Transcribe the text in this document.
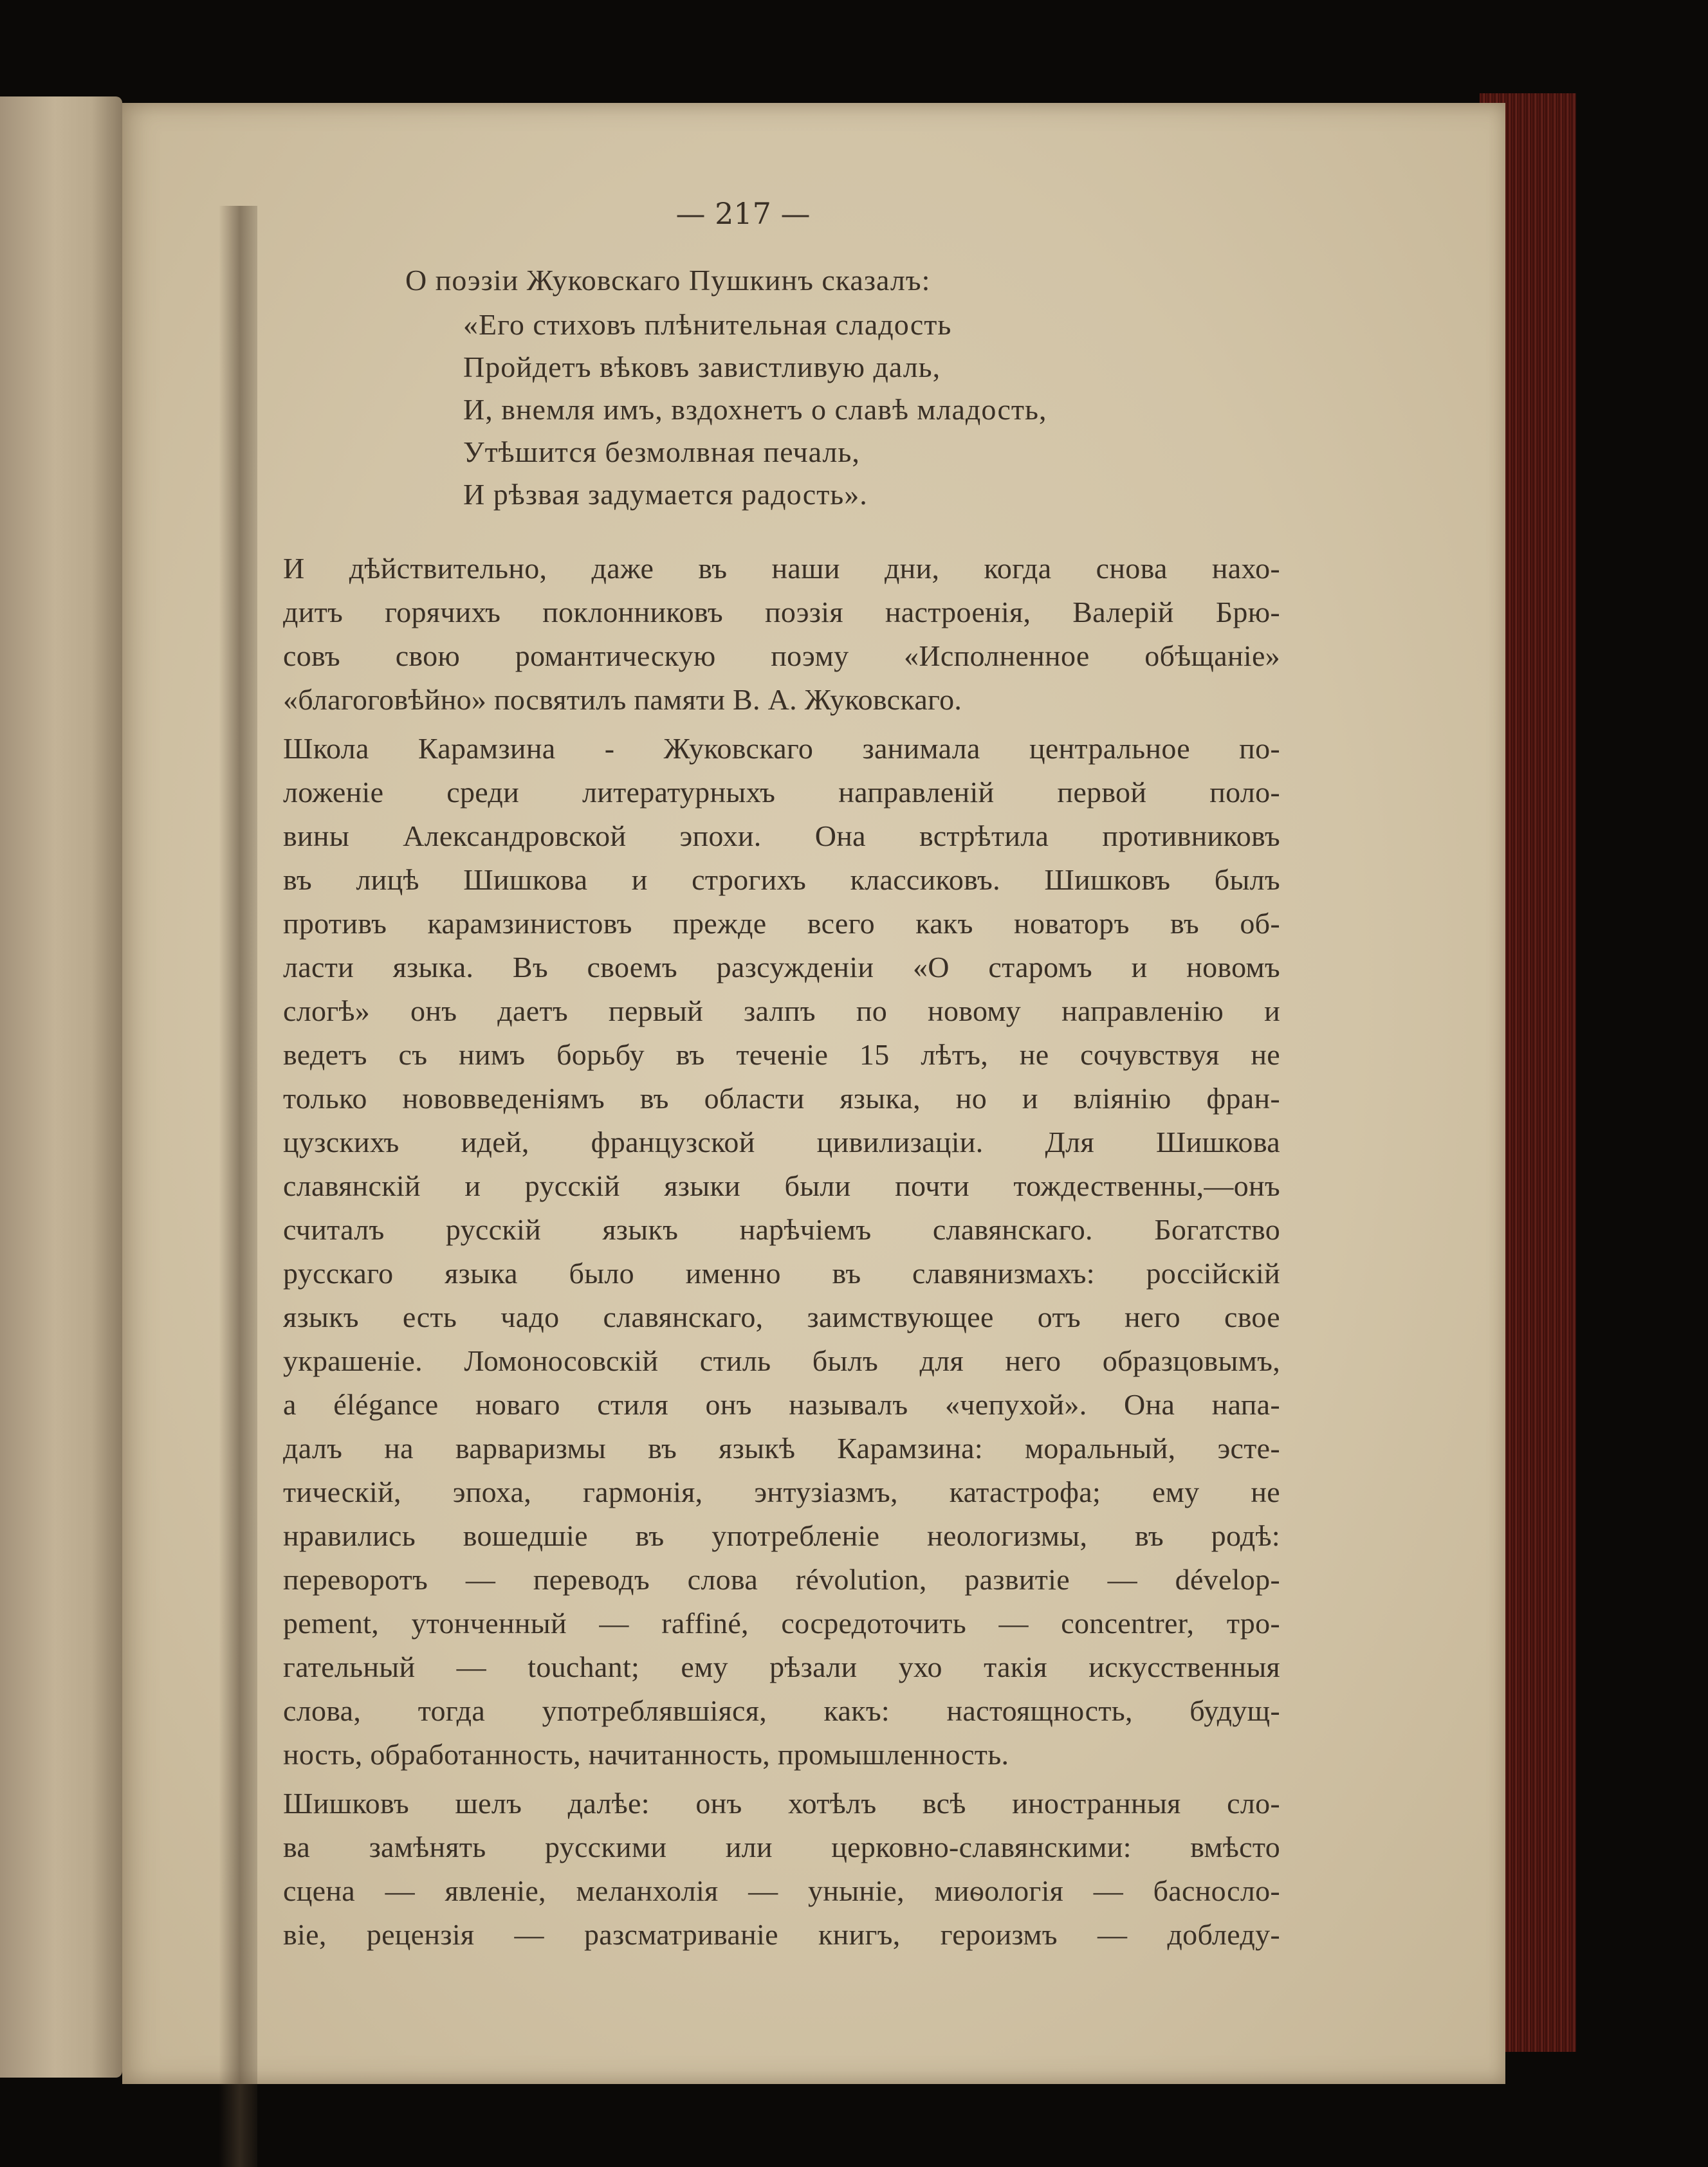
— 217 —

О поэзіи Жуковскаго Пушкинъ сказалъ:

«Его стиховъ плѣнительная сладость
Пройдетъ вѣковъ завистливую даль,
И, внемля имъ, вздохнетъ о славѣ младость,
Утѣшится безмолвная печаль,
И рѣзвая задумается радость».
И дѣйствительно, даже въ наши дни, когда снова нахо-
дитъ горячихъ поклонниковъ поэзія настроенія, Валерій Брю-
совъ свою романтическую поэму «Исполненное обѣщаніе»
«благоговѣйно» посвятилъ памяти В. А. Жуковскаго.
Школа Карамзина - Жуковскаго занимала центральное по-
ложеніе среди литературныхъ направленій первой поло-
вины Александровской эпохи. Она встрѣтила противниковъ
въ лицѣ Шишкова и строгихъ классиковъ. Шишковъ былъ
противъ карамзинистовъ прежде всего какъ новаторъ въ об-
ласти языка. Въ своемъ разсужденіи «О старомъ и новомъ
слогѣ» онъ даетъ первый залпъ по новому направленію и
ведетъ съ нимъ борьбу въ теченіе 15 лѣтъ, не сочувствуя не
только нововведеніямъ въ области языка, но и вліянію фран-
цузскихъ идей, французской цивилизаціи. Для Шишкова
славянскій и русскій языки были почти тождественны,—онъ
считалъ русскій языкъ нарѣчіемъ славянскаго. Богатство
русскаго языка было именно въ славянизмахъ: россійскій
языкъ есть чадо славянскаго, заимствующее отъ него свое
украшеніе. Ломоносовскій стиль былъ для него образцовымъ,
а élégance новаго стиля онъ называлъ «чепухой». Она напа-
далъ на варваризмы въ языкѣ Карамзина: моральный, эсте-
тическій, эпоха, гармонія, энтузіазмъ, катастрофа; ему не
нравились вошедшіе въ употребленіе неологизмы, въ родѣ:
переворотъ — переводъ слова révolution, развитіе — dévelop-
pement, утонченный — raffiné, сосредоточить — concentrer, тро-
гательный — touchant; ему рѣзали ухо такія искусственныя
слова, тогда употреблявшіяся, какъ: настоящность, будущ-
ность, обработанность, начитанность, промышленность.
Шишковъ шелъ далѣе: онъ хотѣлъ всѣ иностранныя сло-
ва замѣнять русскими или церковно-славянскими: вмѣсто
сцена — явленіе, меланхолія — уныніе, миѳологія — басносло-
віе, рецензія — разсматриваніе книгъ, героизмъ — добледу-
